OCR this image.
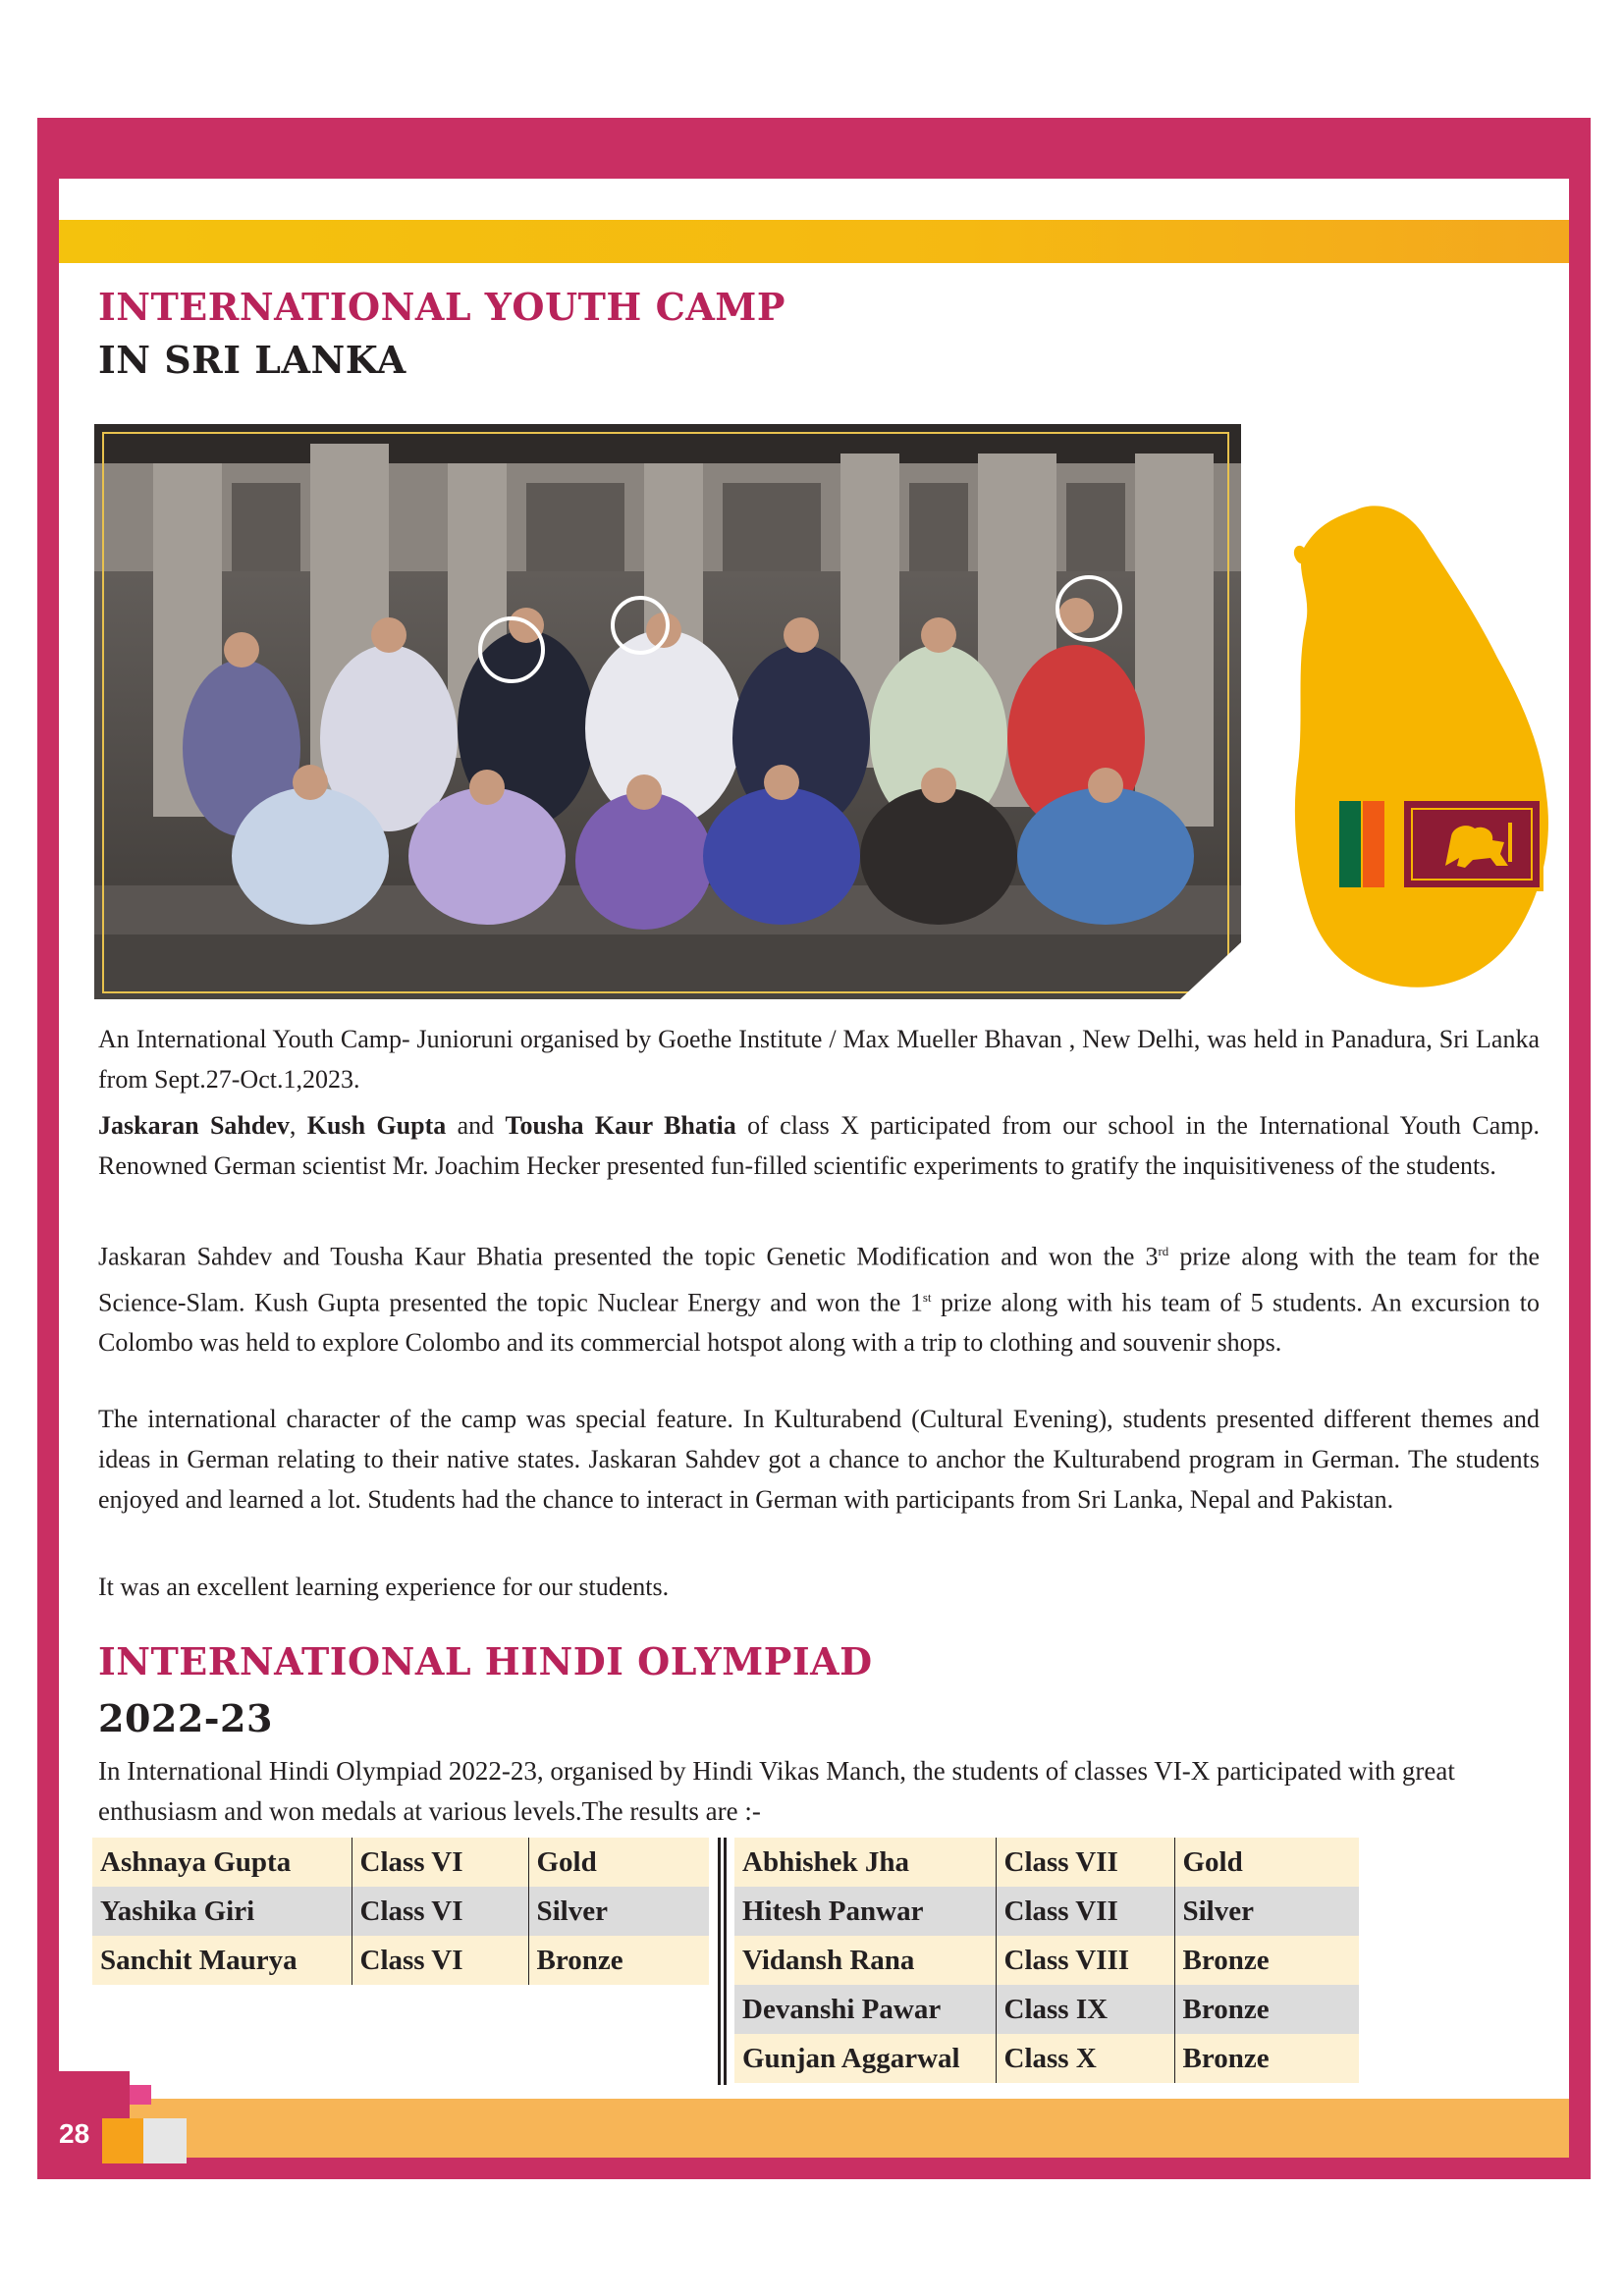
INTERNATIONAL YOUTH CAMP
IN SRI LANKA
An International Youth Camp- Junioruni organised by Goethe Institute / Max Mueller Bhavan , New Delhi, was held in Panadura, Sri Lanka from Sept.27-Oct.1,2023.
Jaskaran Sahdev, Kush Gupta and Tousha Kaur Bhatia of class X participated from our school in the International Youth Camp. Renowned German scientist Mr. Joachim Hecker presented fun-filled scientific experiments to gratify the inquisitiveness of the students.
Jaskaran Sahdev and Tousha Kaur Bhatia presented the topic Genetic Modification and won the 3rd prize along with the team for the Science-Slam. Kush Gupta presented the topic Nuclear Energy and won the 1st prize along with his team of 5 students. An excursion to Colombo was held to explore Colombo and its commercial hotspot along with a trip to clothing and souvenir shops.
The international character of the camp was special feature. In Kulturabend (Cultural Evening), students presented different themes and ideas in German relating to their native states. Jaskaran Sahdev got a chance to anchor the Kulturabend program in German. The students enjoyed and learned a lot. Students had the chance to interact in German with participants from Sri Lanka, Nepal and Pakistan.
It was an excellent learning experience for our students.
INTERNATIONAL HINDI OLYMPIAD
2022-23
In International Hindi Olympiad 2022-23, organised by Hindi Vikas Manch, the students of classes VI-X participated with great enthusiasm and won medals at various levels.The results are :-
Ashnaya Gupta	Class VI	Gold
Yashika Giri	Class VI	Silver
Sanchit Maurya	Class VI	Bronze
Abhishek Jha	Class VII	Gold
Hitesh Panwar	Class VII	Silver
Vidansh Rana	Class VIII	Bronze
Devanshi Pawar	Class IX	Bronze
Gunjan Aggarwal	Class X	Bronze
28
